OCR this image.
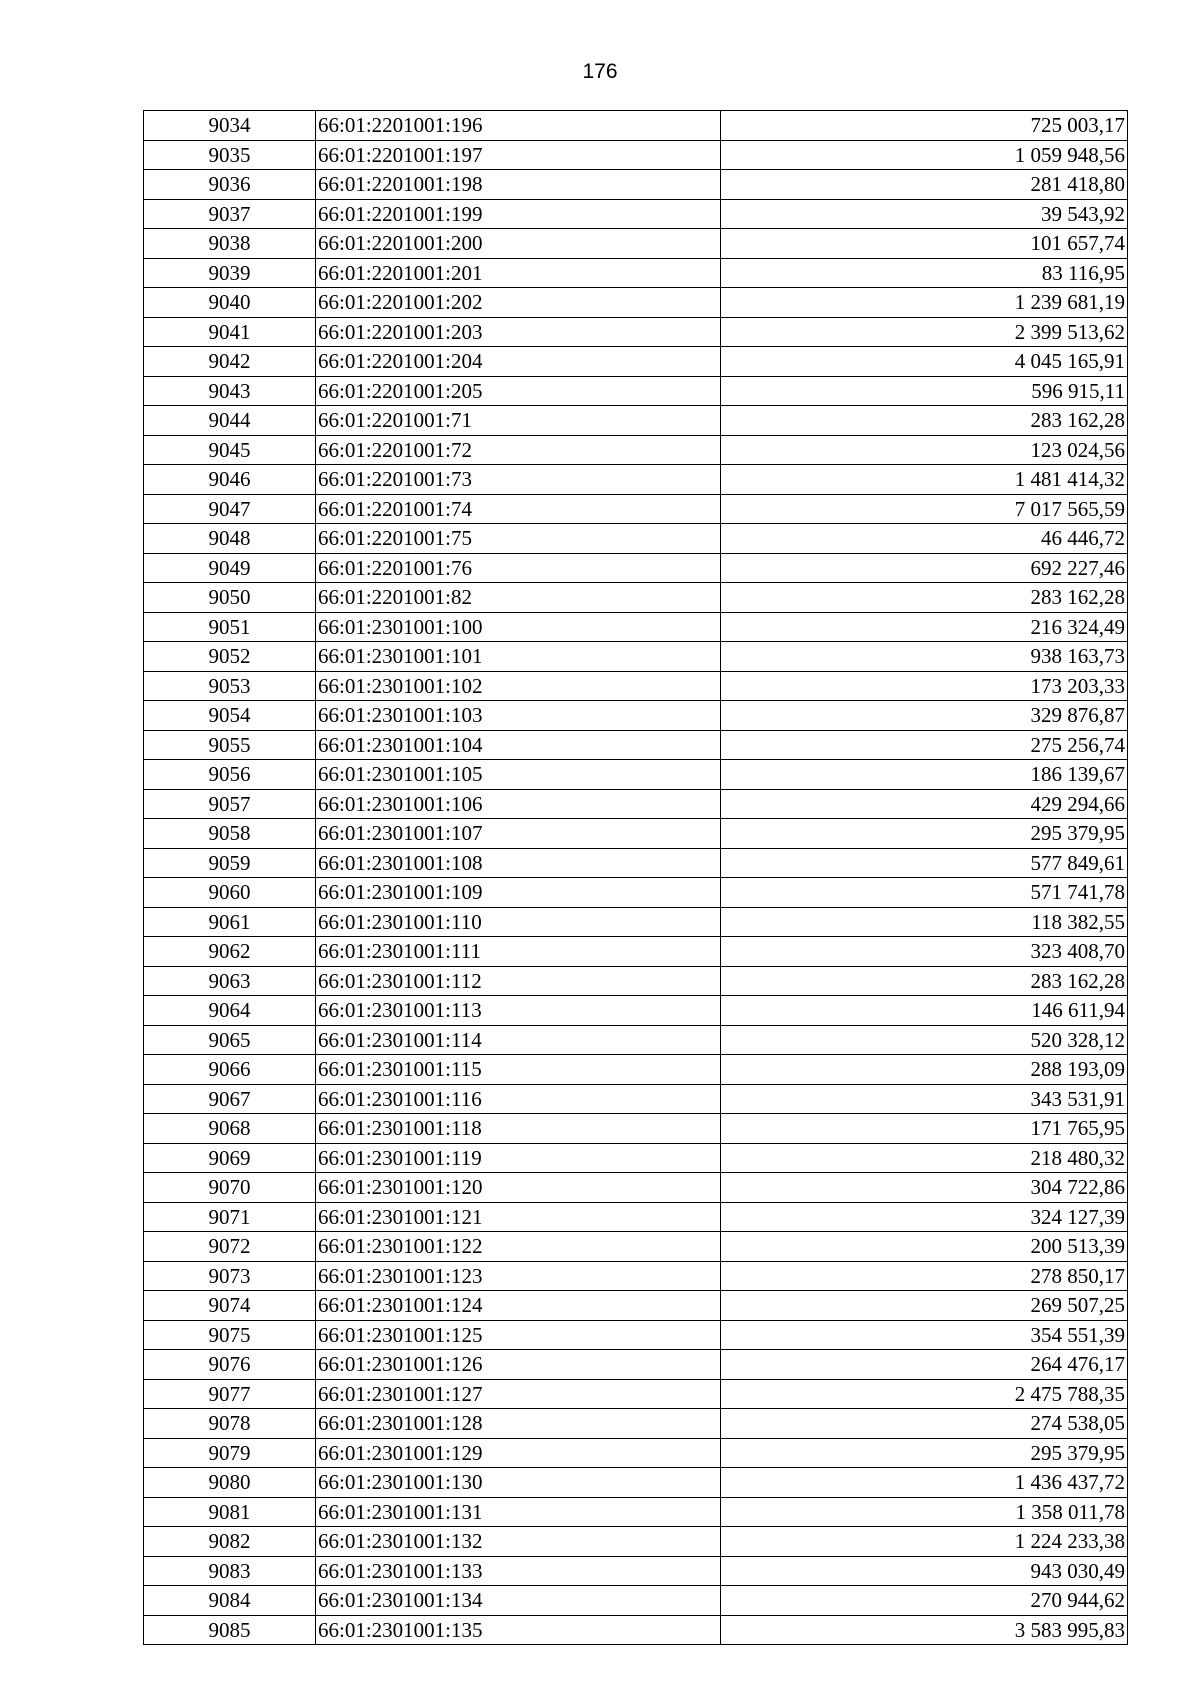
176
9034	66:01:2201001:196	725 003,17
9035	66:01:2201001:197	1 059 948,56
9036	66:01:2201001:198	281 418,80
9037	66:01:2201001:199	39 543,92
9038	66:01:2201001:200	101 657,74
9039	66:01:2201001:201	83 116,95
9040	66:01:2201001:202	1 239 681,19
9041	66:01:2201001:203	2 399 513,62
9042	66:01:2201001:204	4 045 165,91
9043	66:01:2201001:205	596 915,11
9044	66:01:2201001:71	283 162,28
9045	66:01:2201001:72	123 024,56
9046	66:01:2201001:73	1 481 414,32
9047	66:01:2201001:74	7 017 565,59
9048	66:01:2201001:75	46 446,72
9049	66:01:2201001:76	692 227,46
9050	66:01:2201001:82	283 162,28
9051	66:01:2301001:100	216 324,49
9052	66:01:2301001:101	938 163,73
9053	66:01:2301001:102	173 203,33
9054	66:01:2301001:103	329 876,87
9055	66:01:2301001:104	275 256,74
9056	66:01:2301001:105	186 139,67
9057	66:01:2301001:106	429 294,66
9058	66:01:2301001:107	295 379,95
9059	66:01:2301001:108	577 849,61
9060	66:01:2301001:109	571 741,78
9061	66:01:2301001:110	118 382,55
9062	66:01:2301001:111	323 408,70
9063	66:01:2301001:112	283 162,28
9064	66:01:2301001:113	146 611,94
9065	66:01:2301001:114	520 328,12
9066	66:01:2301001:115	288 193,09
9067	66:01:2301001:116	343 531,91
9068	66:01:2301001:118	171 765,95
9069	66:01:2301001:119	218 480,32
9070	66:01:2301001:120	304 722,86
9071	66:01:2301001:121	324 127,39
9072	66:01:2301001:122	200 513,39
9073	66:01:2301001:123	278 850,17
9074	66:01:2301001:124	269 507,25
9075	66:01:2301001:125	354 551,39
9076	66:01:2301001:126	264 476,17
9077	66:01:2301001:127	2 475 788,35
9078	66:01:2301001:128	274 538,05
9079	66:01:2301001:129	295 379,95
9080	66:01:2301001:130	1 436 437,72
9081	66:01:2301001:131	1 358 011,78
9082	66:01:2301001:132	1 224 233,38
9083	66:01:2301001:133	943 030,49
9084	66:01:2301001:134	270 944,62
9085	66:01:2301001:135	3 583 995,83
